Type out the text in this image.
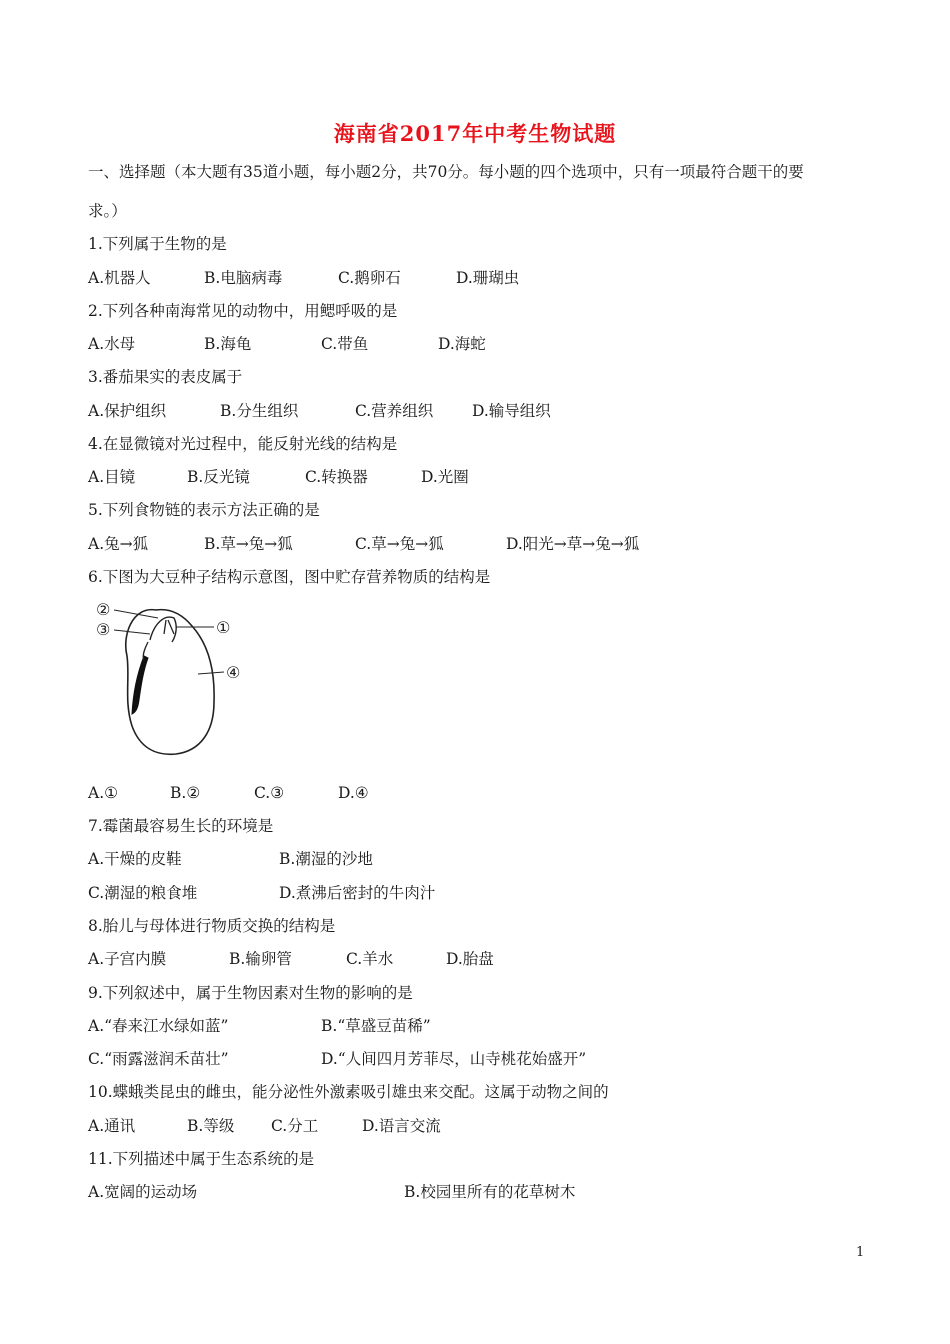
海南省2017年中考生物试题
一、选择题（本大题有35道小题，每小题2分，共70分。每小题的四个选项中，只有一项最符合题干的要
求。）
1.下列属于生物的是
A.机器人	B.电脑病毒	C.鹅卵石	D.珊瑚虫
2.下列各种南海常见的动物中，用鳃呼吸的是
A.水母	B.海龟	C.带鱼	D.海蛇
3.番茄果实的表皮属于
A.保护组织	B.分生组织	C.营养组织	D.输导组织
4.在显微镜对光过程中，能反射光线的结构是
A.目镜	B.反光镜	C.转换器	D.光圈
5.下列食物链的表示方法正确的是
A.兔→狐	B.草→兔→狐	C.草→兔→狐	D.阳光→草→兔→狐
6.下图为大豆种子结构示意图，图中贮存营养物质的结构是
②
③	①
④
A.①	B.②	C.③	D.④
7.霉菌最容易生长的环境是
A.干燥的皮鞋	B.潮湿的沙地
C.潮湿的粮食堆	D.煮沸后密封的牛肉汁
8.胎儿与母体进行物质交换的结构是
A.子宫内膜	B.输卵管	C.羊水	D.胎盘
9.下列叙述中，属于生物因素对生物的影响的是
A.“春来江水绿如蓝”	B.“草盛豆苗稀”
C.“雨露滋润禾苗壮”	D.“人间四月芳菲尽，山寺桃花始盛开”
10.蝶蛾类昆虫的雌虫，能分泌性外激素吸引雄虫来交配。这属于动物之间的
A.通讯	B.等级 C.分工	D.语言交流
11.下列描述中属于生态系统的是
A.宽阔的运动场	B.校园里所有的花草树木
1
